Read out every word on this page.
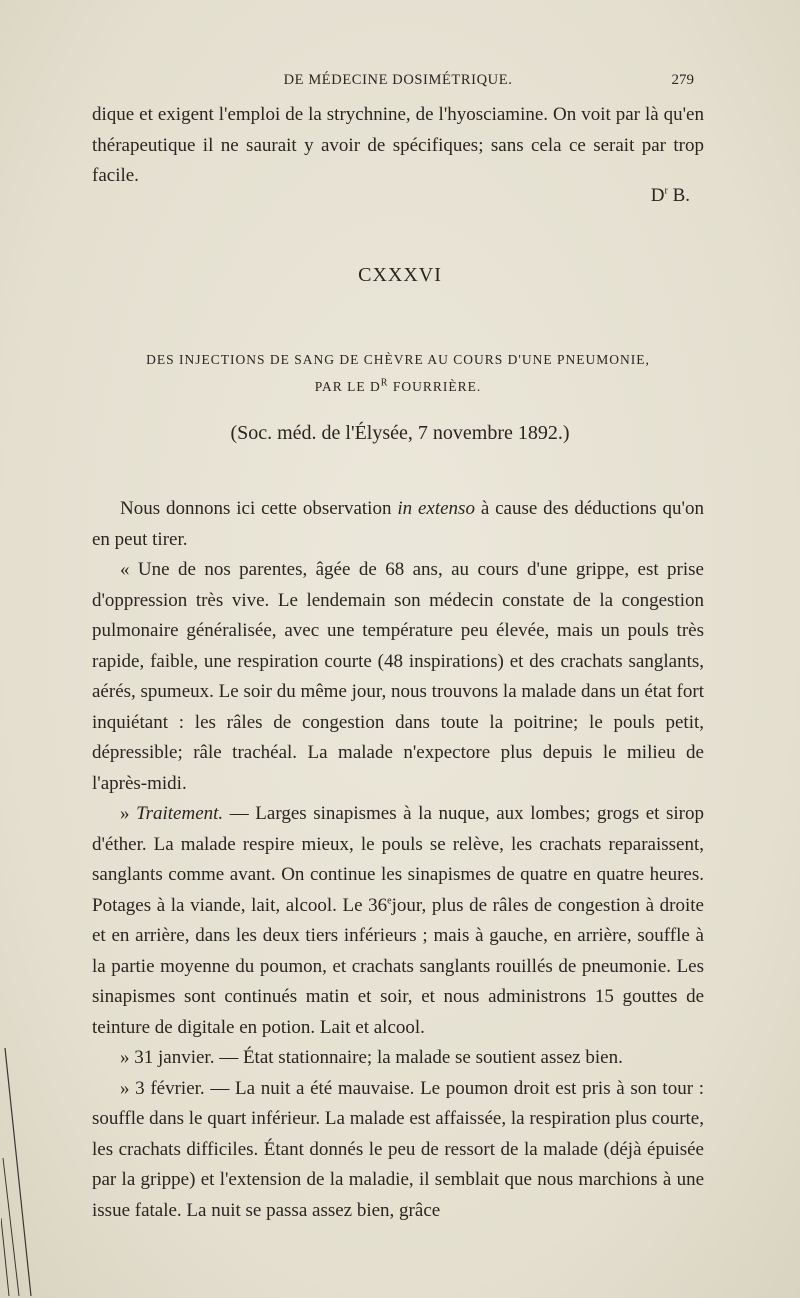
DE MÉDECINE DOSIMÉTRIQUE.	279

dique et exigent l'emploi de la strychnine, de l'hyosciamine. On voit par là qu'en thérapeutique il ne saurait y avoir de spécifiques; sans cela ce serait par trop facile.

$D^r$ B.
CXXXVI
DES INJECTIONS DE SANG DE CHÈVRE AU COURS D'UNE PNEUMONIE,
PAR LE $D^R$ FOURRIÈRE.
(Soc. méd. de l'Élysée, 7 novembre 1892.)

Nous donnons ici cette observation in extenso à cause des déductions qu'on en peut tirer.

« Une de nos parentes, âgée de 68 ans, au cours d'une grippe, est prise d'oppression très vive. Le lendemain son médecin constate de la congestion pulmonaire généralisée, avec une température peu élevée, mais un pouls très rapide, faible, une respiration courte (48 inspirations) et des crachats sanglants, aérés, spumeux. Le soir du même jour, nous trouvons la malade dans un état fort inquiétant : les râles de congestion dans toute la poitrine; le pouls petit, dépressible; râle trachéal. La malade n'expectore plus depuis le milieu de l'après-midi.

» Traitement. — Larges sinapismes à la nuque, aux lombes; grogs et sirop d'éther. La malade respire mieux, le pouls se relève, les crachats reparaissent, sanglants comme avant. On continue les sinapismes de quatre en quatre heures. Potages à la viande, lait, alcool. Le 36ejour, plus de râles de congestion à droite et en arrière, dans les deux tiers inférieurs ; mais à gauche, en arrière, souffle à la partie moyenne du poumon, et crachats sanglants rouillés de pneumonie. Les sinapismes sont continués matin et soir, et nous administrons 15 gouttes de teinture de digitale en potion. Lait et alcool.

» 31 janvier. — État stationnaire; la malade se soutient assez bien.

» 3 février. — La nuit a été mauvaise. Le poumon droit est pris à son tour : souffle dans le quart inférieur. La malade est affaissée, la respiration plus courte, les crachats difficiles. Étant donnés le peu de ressort de la malade (déjà épuisée par la grippe) et l'extension de la maladie, il semblait que nous marchions à une issue fatale. La nuit se passa assez bien, grâce
